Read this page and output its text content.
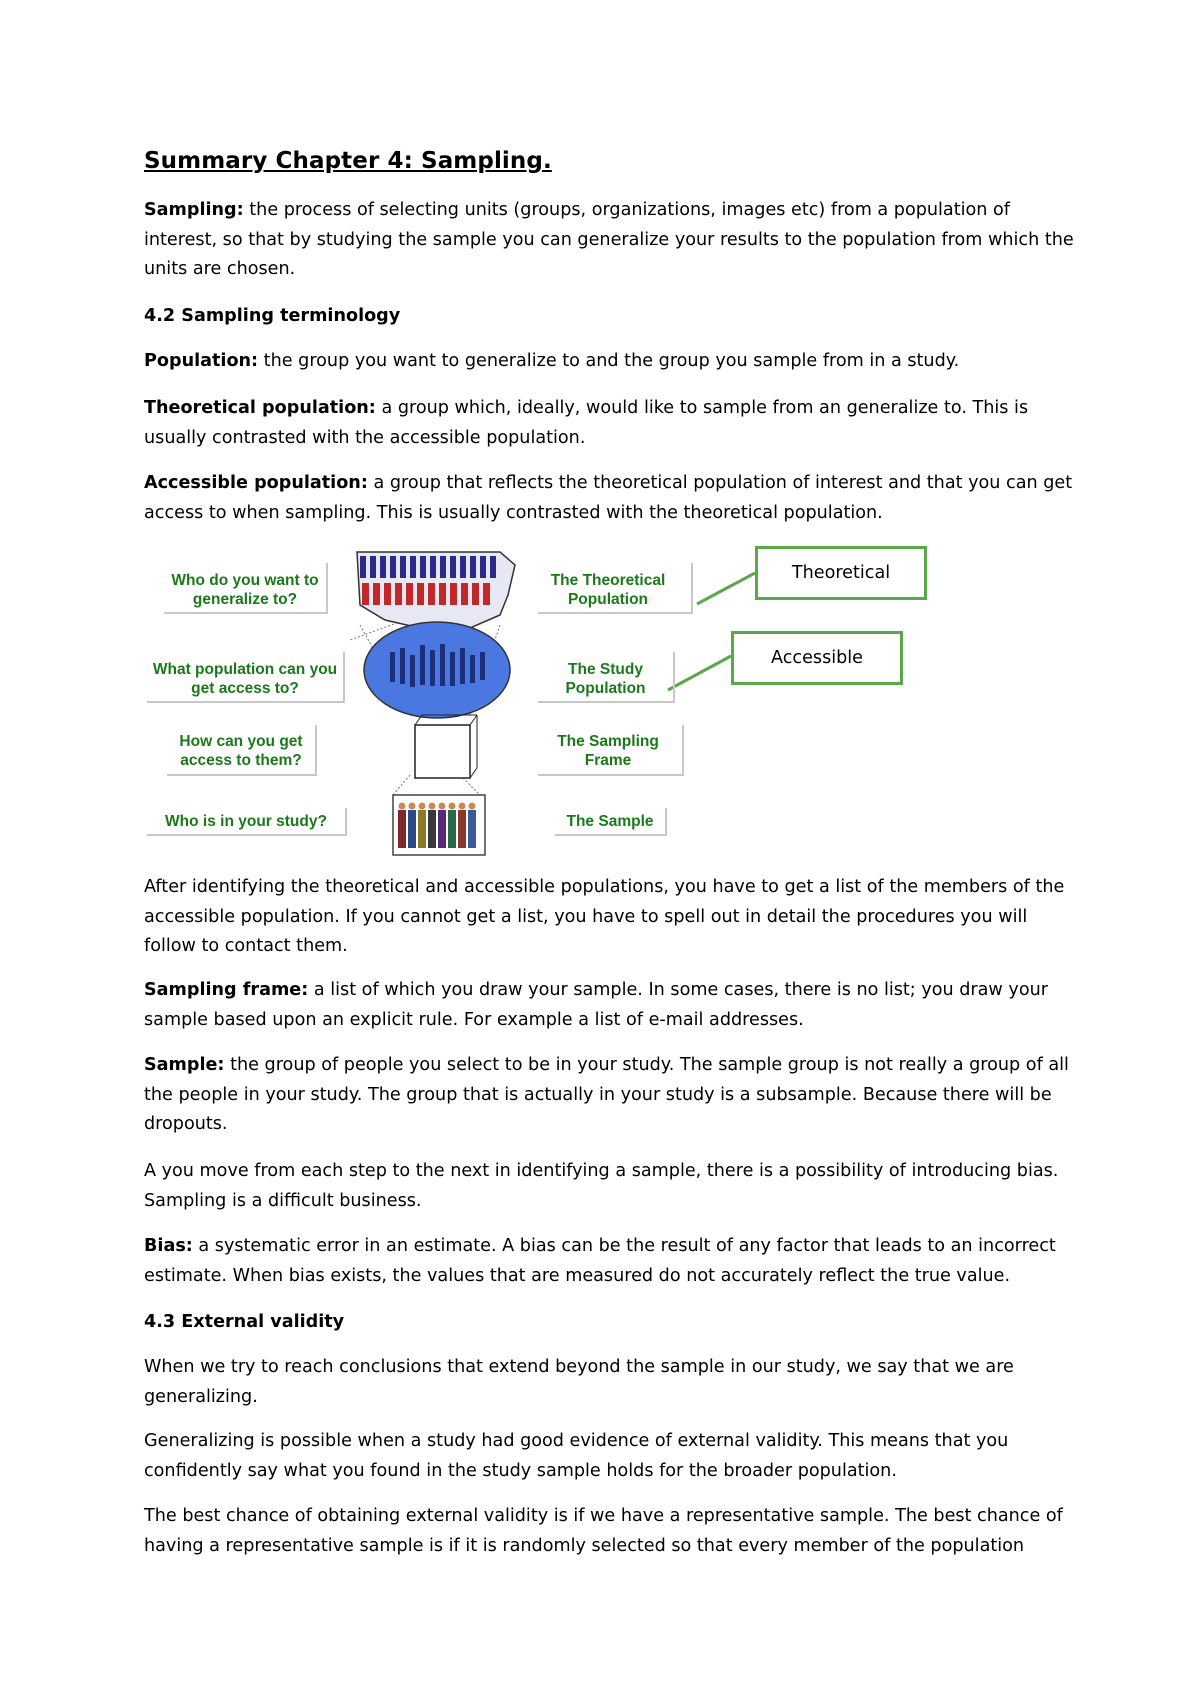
Summary Chapter 4: Sampling.

Sampling: the process of selecting units (groups, organizations, images etc) from a population of interest, so that by studying the sample you can generalize your results to the population from which the units are chosen.

4.2 Sampling terminology

Population: the group you want to generalize to and the group you sample from in a study.

Theoretical population: a group which, ideally, would like to sample from an generalize to. This is usually contrasted with the accessible population.

Accessible population: a group that reflects the theoretical population of interest and that you can get access to when sampling. This is usually contrasted with the theoretical population.

Who do you want to generalize to?
What population can you get access to?
How can you get access to them?
Who is in your study?
The Theoretical Population
The Study Population
The Sampling Frame
The Sample
Theoretical
Accessible

After identifying the theoretical and accessible populations, you have to get a list of the members of the accessible population. If you cannot get a list, you have to spell out in detail the procedures you will follow to contact them.

Sampling frame: a list of which you draw your sample. In some cases, there is no list; you draw your sample based upon an explicit rule. For example a list of e-mail addresses.

Sample: the group of people you select to be in your study. The sample group is not really a group of all the people in your study. The group that is actually in your study is a subsample. Because there will be dropouts.

A you move from each step to the next in identifying a sample, there is a possibility of introducing bias. Sampling is a difficult business.

Bias: a systematic error in an estimate. A bias can be the result of any factor that leads to an incorrect estimate. When bias exists, the values that are measured do not accurately reflect the true value.

4.3 External validity

When we try to reach conclusions that extend beyond the sample in our study, we say that we are generalizing.

Generalizing is possible when a study had good evidence of external validity. This means that you confidently say what you found in the study sample holds for the broader population.

The best chance of obtaining external validity is if we have a representative sample. The best chance of having a representative sample is if it is randomly selected so that every member of the population
